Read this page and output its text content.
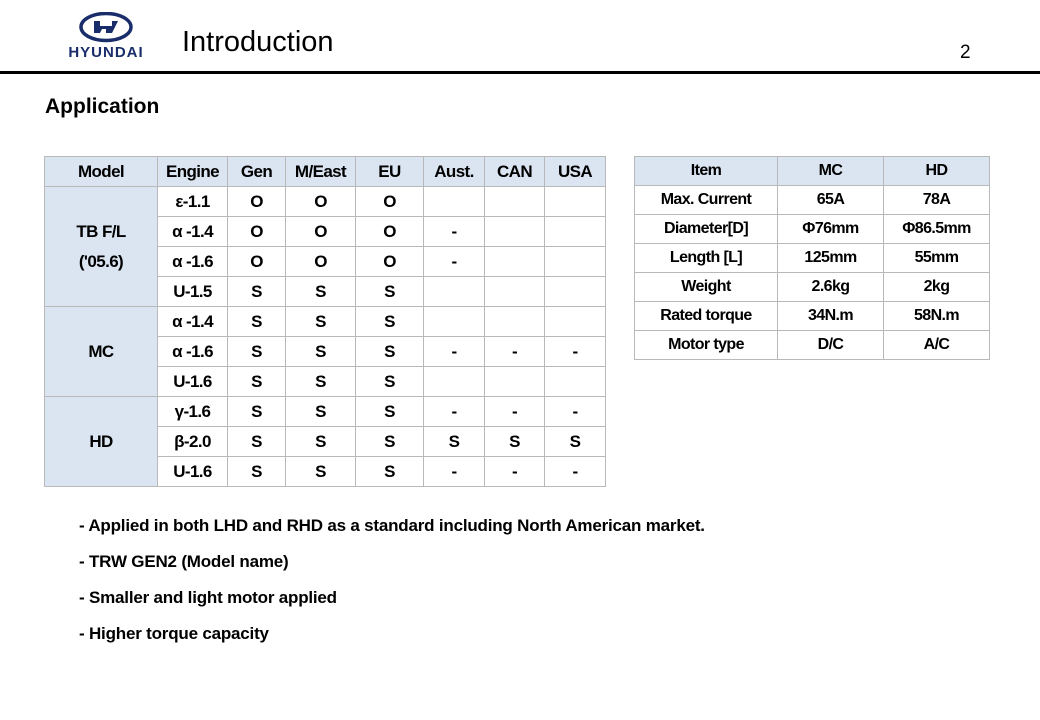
HYUNDAI	Introduction	2
Application
Model	Engine	Gen	M/East	EU	Aust.	CAN	USA

TB F/L
('05.6)	ε-1.1	O	O	O			
	α -1.4	O	O	O	-		
	α -1.6	O	O	O	-		
	U-1.5	S	S	S			

MC	α -1.4	S	S	S			
	α -1.6	S	S	S	-	-	-
	U-1.6	S	S	S			

HD	γ-1.6	S	S	S	-	-	-
	β-2.0	S	S	S	S	S	S
	U-1.6	S	S	S	-	-	-
Item	MC	HD
Max. Current	65A	78A
Diameter[D]	Φ76mm	Φ86.5mm
Length [L]	125mm	55mm
Weight	2.6kg	2kg
Rated torque	34N.m	58N.m
Motor type	D/C	A/C
- Applied in both LHD and RHD as a standard including North American market.
- TRW GEN2 (Model name)
- Smaller and light motor applied
- Higher torque capacity
